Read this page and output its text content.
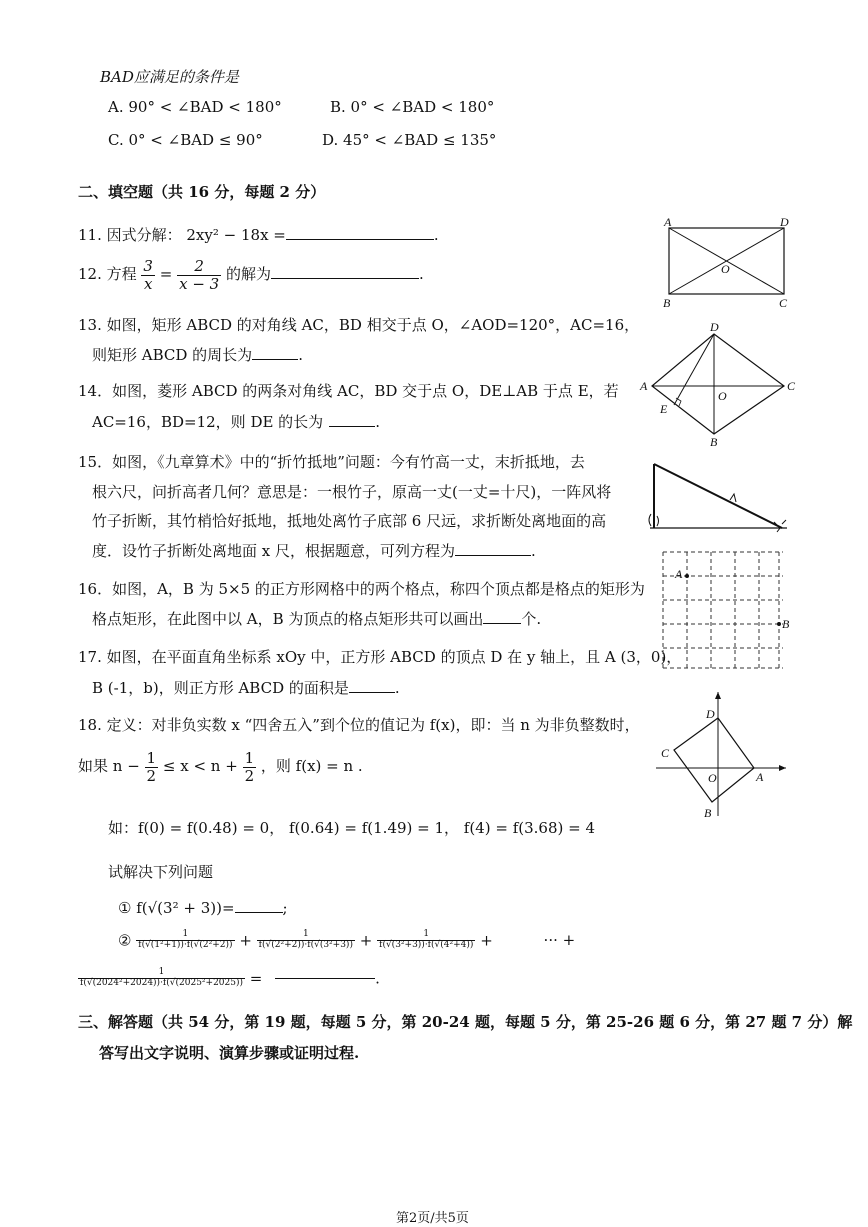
BAD应满足的条件是
A. 90° < ∠BAD < 180°	B. 0° < ∠BAD < 180°
C. 0° < ∠BAD ≤ 90°	D. 45° < ∠BAD ≤ 135°
二、填空题（共 16 分，每题 2 分）
11. 因式分解： 2xy² − 18x =	.
12. 方程 $\frac{3}{x} = \frac{2}{x - 3}$ 的解为	.
13. 如图，矩形 ABCD 的对角线 AC，BD 相交于点 O，∠AOD=120°，AC=16，
则矩形 ABCD 的周长为	.
14．如图，菱形 ABCD 的两条对角线 AC，BD 交于点 O，DE⊥AB 于点 E，若
AC=16，BD=12，则 DE 的长为	.
15．如图，《九章算术》中的“折竹抵地”问题：今有竹高一丈，末折抵地，去
根六尺，问折高者几何？意思是：一根竹子，原高一丈(一丈=十尺)，一阵风将
竹子折断，其竹梢恰好抵地，抵地处离竹子底部 6 尺远，求折断处离地面的高
度．设竹子折断处离地面 x 尺，根据题意，可列方程为	.
16．如图，A，B 为 5×5 的正方形网格中的两个格点，称四个顶点都是格点的矩形为
格点矩形，在此图中以 A，B 为顶点的格点矩形共可以画出	个.
17. 如图，在平面直角坐标系 xOy 中，正方形 ABCD 的顶点 D 在 y 轴上，且 A (3，0)，
B (-1，b)，则正方形 ABCD 的面积是	.
18. 定义：对非负实数 x “四舍五入”到个位的值记为 f(x)，即：当 n 为非负整数时，
如果 $n - \frac{1}{2} \le x < n + \frac{1}{2}$ ，则 f(x) = n .
如：f(0) = f(0.48) = 0， f(0.64) = f(1.49) = 1， f(4) = f(3.68) = 4
试解决下列问题
① f(√(3² + 3))=	;
② $\frac{1}{\text{f(√(1²+1))·f(√(2²+2))}} + \frac{1}{\text{f(√(2²+2))·f(√(3²+3))}} + \frac{1}{\text{f(√(3²+3))·f(√(4²+4))}}$ +	··· +
$\frac{1}{\text{f(√(2024²+2024))·f(√(2025²+2025))}}$ =	.
三、解答题（共 54 分，第 19 题，每题 5 分，第 20-24 题，每题 5 分，第 25-26 题 6 分，第 27 题 7 分）解
答写出文字说明、演算步骤或证明过程.
第2页/共5页
A	D
B	C
O
D
A	C
B
E
O
A
B
D
A
C
B
O
